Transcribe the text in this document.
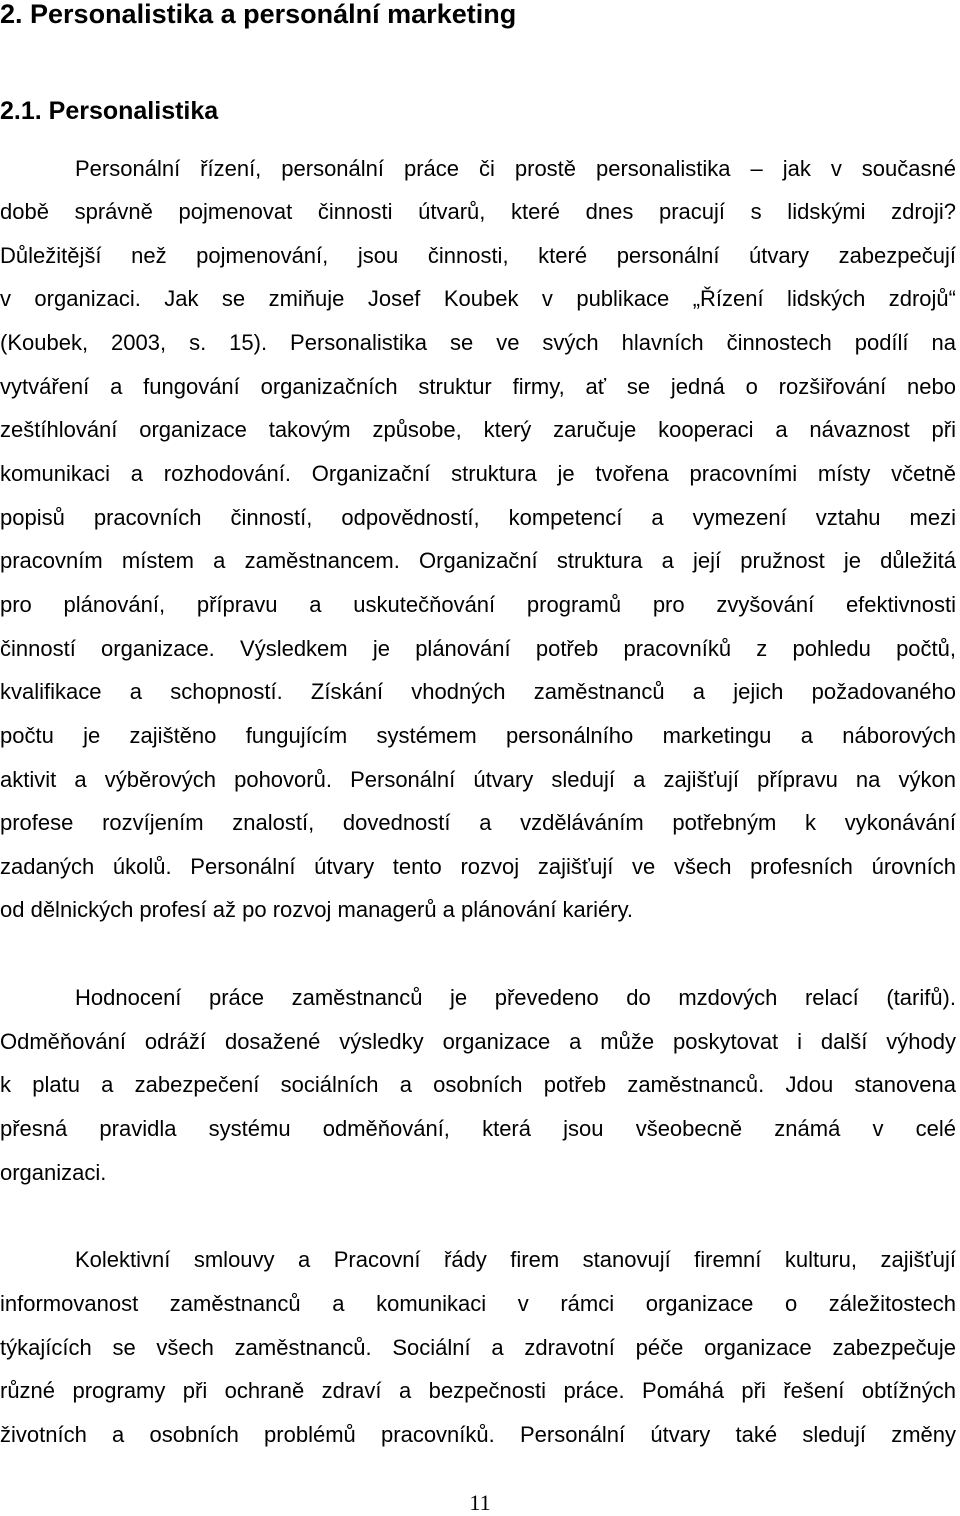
2. Personalistika a personální marketing
2.1. Personalistika

Personální řízení, personální práce či prostě personalistika – jak v současné

době správně pojmenovat činnosti útvarů, které dnes pracují s lidskými zdroji?

Důležitější než pojmenování, jsou činnosti, které personální útvary zabezpečují

v organizaci. Jak se zmiňuje Josef Koubek v publikace „Řízení lidských zdrojů“

(Koubek, 2003, s. 15). Personalistika se ve svých hlavních činnostech podílí na

vytváření a fungování organizačních struktur firmy, ať se jedná o rozšiřování nebo

zeštíhlování organizace takovým způsobe, který zaručuje kooperaci a návaznost při

komunikaci a rozhodování. Organizační struktura je tvořena pracovními místy včetně

popisů pracovních činností, odpovědností, kompetencí a vymezení vztahu mezi

pracovním místem a zaměstnancem. Organizační struktura a její pružnost je důležitá

pro plánování, přípravu a uskutečňování programů pro zvyšování efektivnosti

činností organizace. Výsledkem je plánování potřeb pracovníků z pohledu počtů,

kvalifikace a schopností. Získání vhodných zaměstnanců a jejich požadovaného

počtu je zajištěno fungujícím systémem personálního marketingu a náborových

aktivit a výběrových pohovorů. Personální útvary sledují a zajišťují přípravu na výkon

profese rozvíjením znalostí, dovedností a vzděláváním potřebným k vykonávání

zadaných úkolů. Personální útvary tento rozvoj zajišťují ve všech profesních úrovních

od dělnických profesí až po rozvoj managerů a plánování kariéry.

Hodnocení práce zaměstnanců je převedeno do mzdových relací (tarifů).

Odměňování odráží dosažené výsledky organizace a může poskytovat i další výhody

k platu a zabezpečení sociálních a osobních potřeb zaměstnanců. Jdou stanovena

přesná pravidla systému odměňování, která jsou všeobecně známá v celé

organizaci.

Kolektivní smlouvy a Pracovní řády firem stanovují firemní kulturu, zajišťují

informovanost zaměstnanců a komunikaci v rámci organizace o záležitostech

týkajících se všech zaměstnanců. Sociální a zdravotní péče organizace zabezpečuje

různé programy při ochraně zdraví a bezpečnosti práce. Pomáhá při řešení obtížných

životních a osobních problémů pracovníků. Personální útvary také sledují změny

11
